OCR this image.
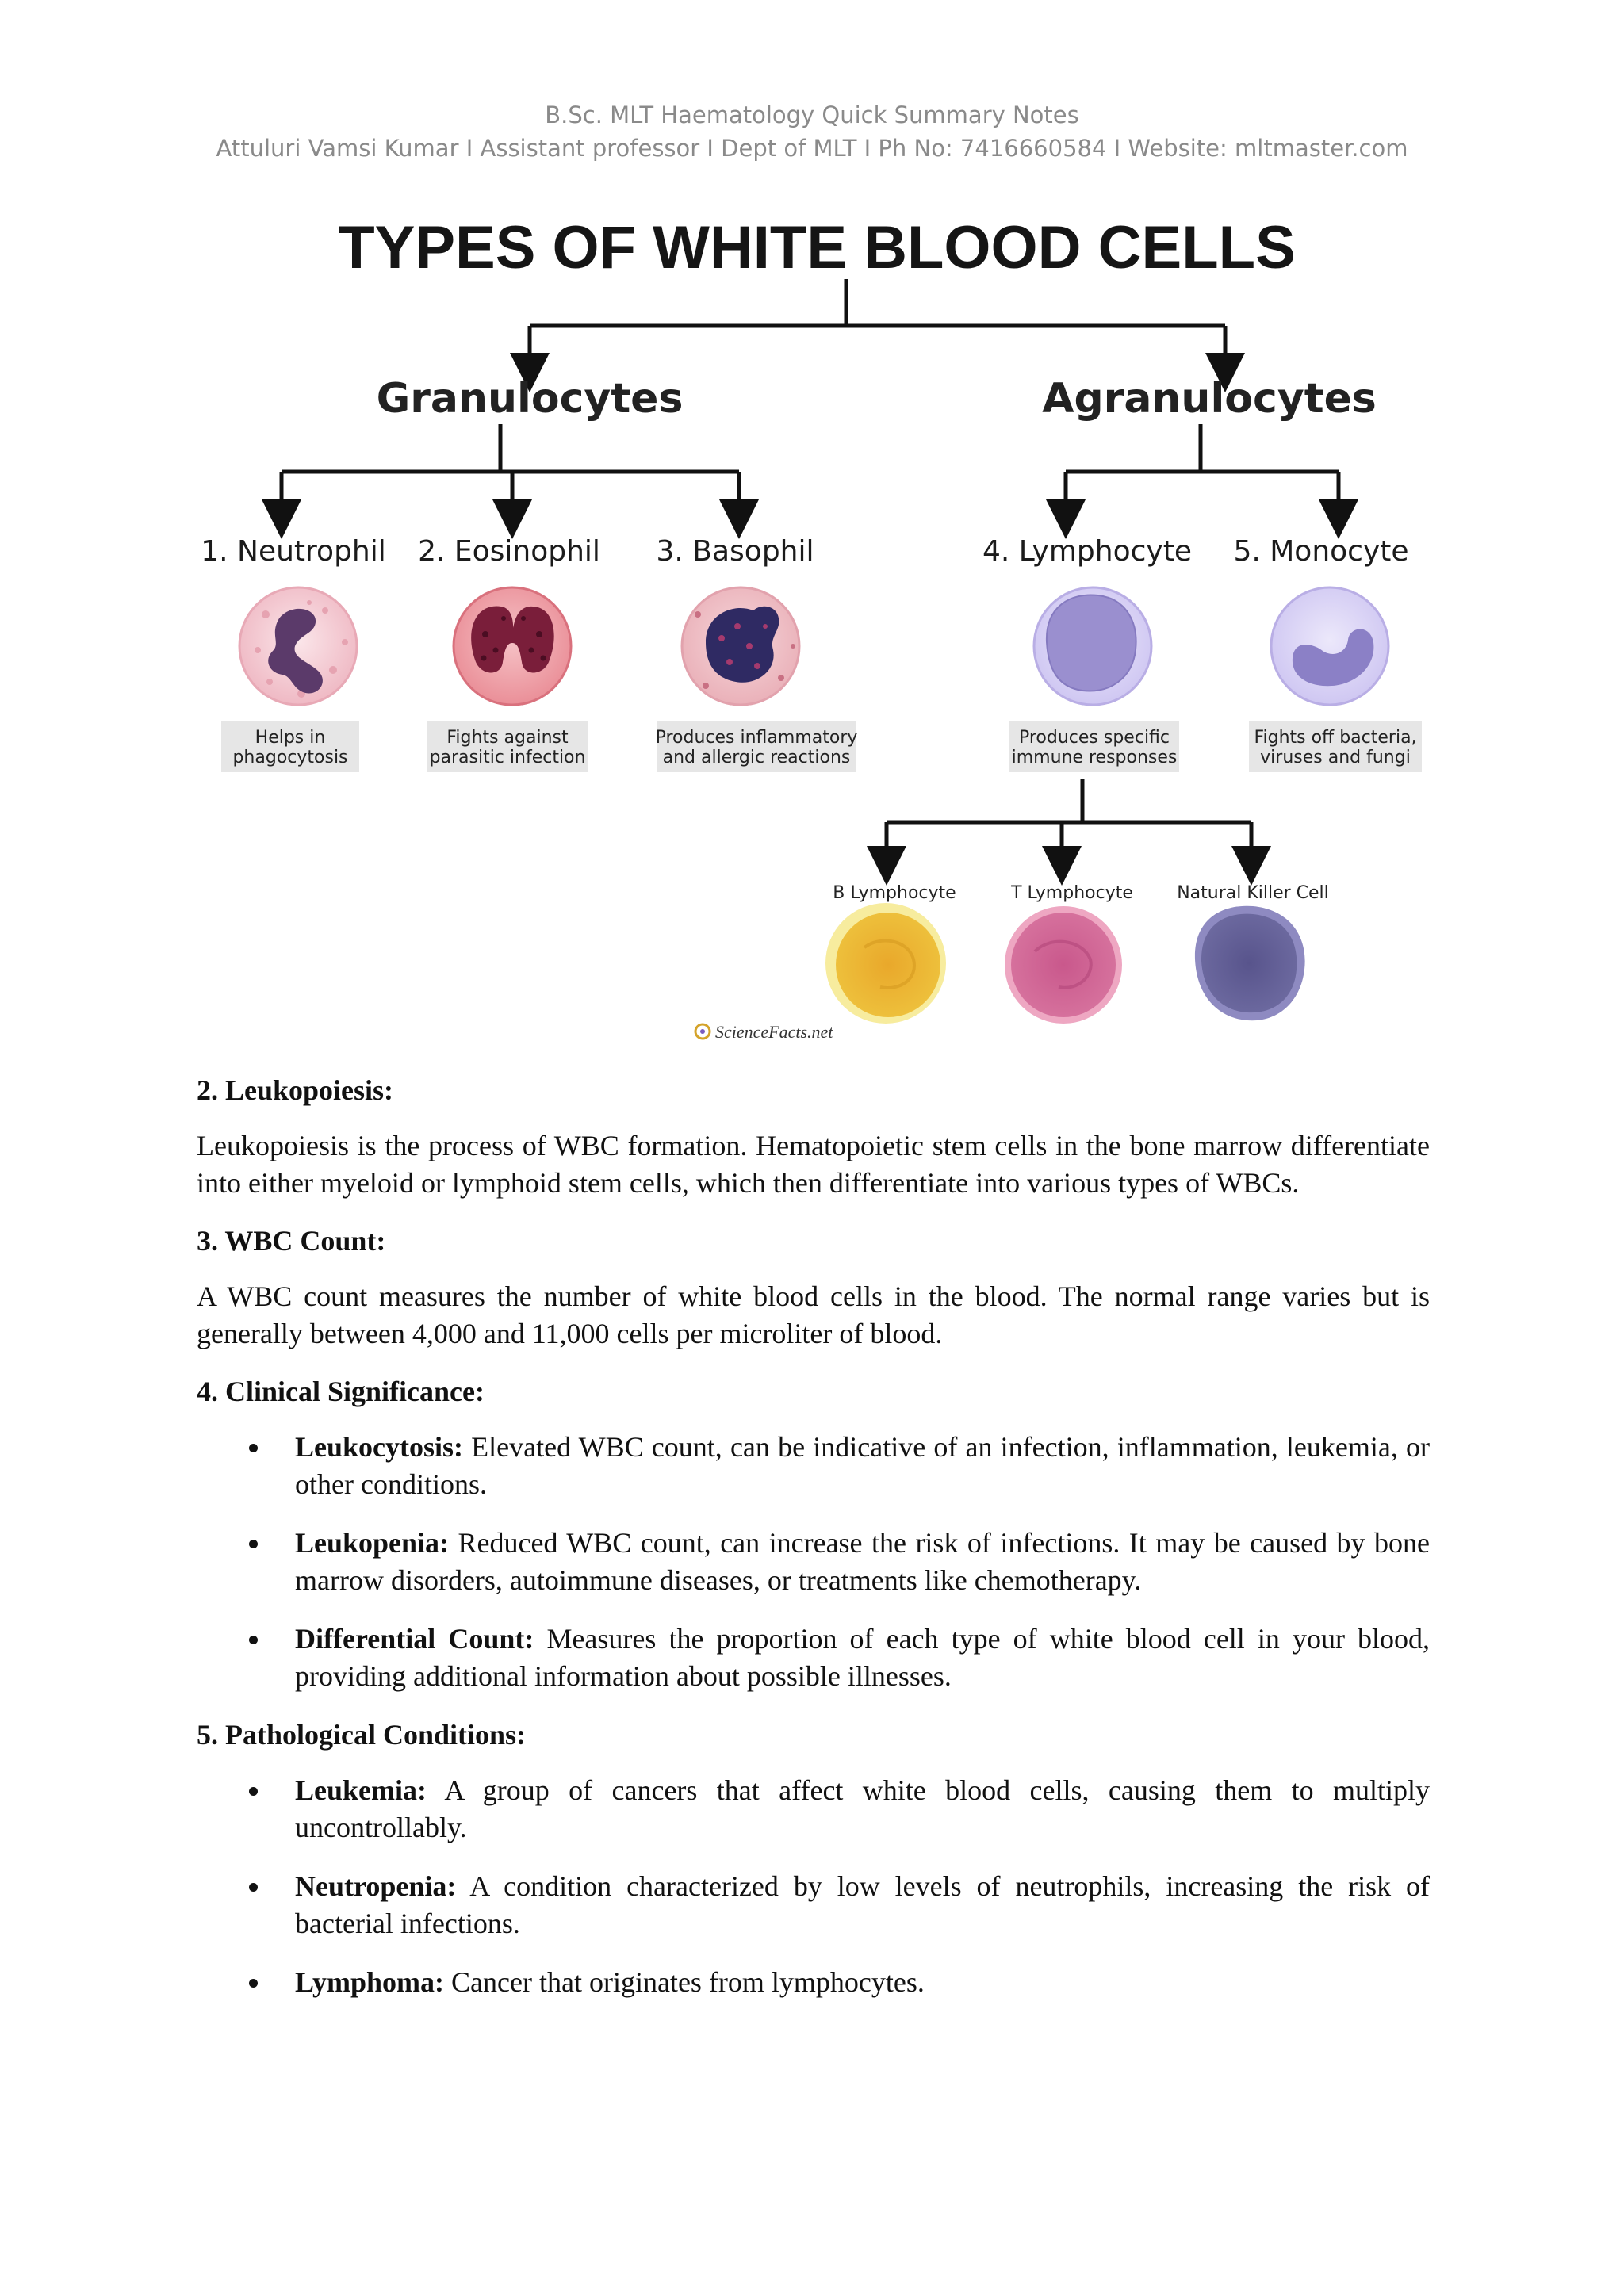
B.Sc. MLT Haematology Quick Summary Notes
Attuluri Vamsi Kumar I Assistant professor I Dept of MLT I Ph No: 7416660584 I Website: mltmaster.com
TYPES OF WHITE BLOOD CELLS
Granulocytes	Agranulocytes
1. Neutrophil 2. Eosinophil 3. Basophil	4. Lymphocyte 5. Monocyte
Helps in
phagocytosis
Fights against
parasitic infection
Produces inflammatory
and allergic reactions
Produces specific
immune responses
Fights off bacteria,
viruses and fungi
B Lymphocyte	T Lymphocyte	Natural Killer Cell
ScienceFacts.net
2. Leukopoiesis:

Leukopoiesis is the process of WBC formation. Hematopoietic stem cells in the bone marrow differentiate into either myeloid or lymphoid stem cells, which then differentiate into various types of WBCs.

3. WBC Count:

A WBC count measures the number of white blood cells in the blood. The normal range varies but is generally between 4,000 and 11,000 cells per microliter of blood.

4. Clinical Significance:
Leukocytosis: Elevated WBC count, can be indicative of an infection, inflammation, leukemia, or other conditions.
Leukopenia: Reduced WBC count, can increase the risk of infections. It may be caused by bone marrow disorders, autoimmune diseases, or treatments like chemotherapy.
Differential Count: Measures the proportion of each type of white blood cell in your blood, providing additional information about possible illnesses.
5. Pathological Conditions:
Leukemia: A group of cancers that affect white blood cells, causing them to multiply uncontrollably.
Neutropenia: A condition characterized by low levels of neutrophils, increasing the risk of bacterial infections.
Lymphoma: Cancer that originates from lymphocytes.
